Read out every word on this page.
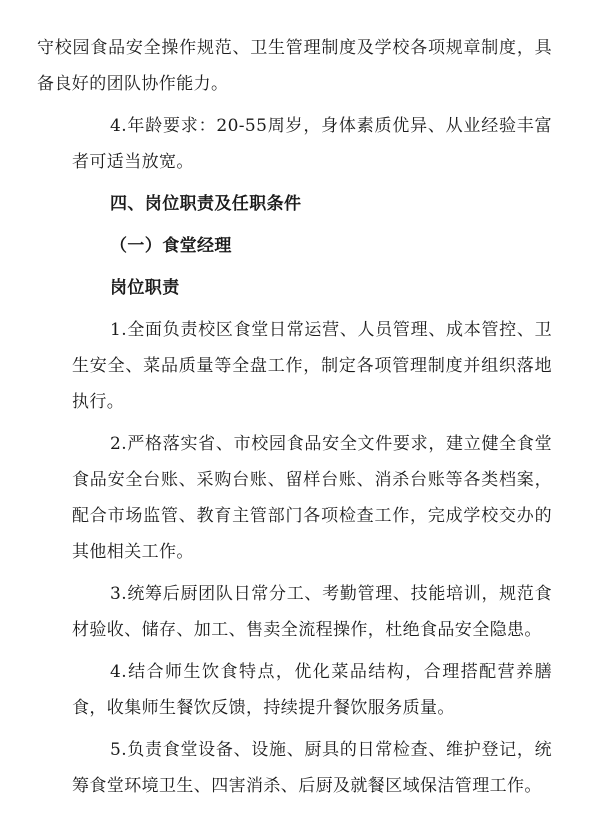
守校园食品安全操作规范、卫生管理制度及学校各项规章制度，具备良好的团队协作能力。

4.年龄要求：20-55周岁，身体素质优异、从业经验丰富者可适当放宽。

四、岗位职责及任职条件

（一）食堂经理

岗位职责

1.全面负责校区食堂日常运营、人员管理、成本管控、卫生安全、菜品质量等全盘工作，制定各项管理制度并组织落地执行。

2.严格落实省、市校园食品安全文件要求，建立健全食堂食品安全台账、采购台账、留样台账、消杀台账等各类档案，配合市场监管、教育主管部门各项检查工作，完成学校交办的其他相关工作。

3.统筹后厨团队日常分工、考勤管理、技能培训，规范食材验收、储存、加工、售卖全流程操作，杜绝食品安全隐患。

4.结合师生饮食特点，优化菜品结构，合理搭配营养膳食，收集师生餐饮反馈，持续提升餐饮服务质量。

5.负责食堂设备、设施、厨具的日常检查、维护登记，统筹食堂环境卫生、四害消杀、后厨及就餐区域保洁管理工作。
